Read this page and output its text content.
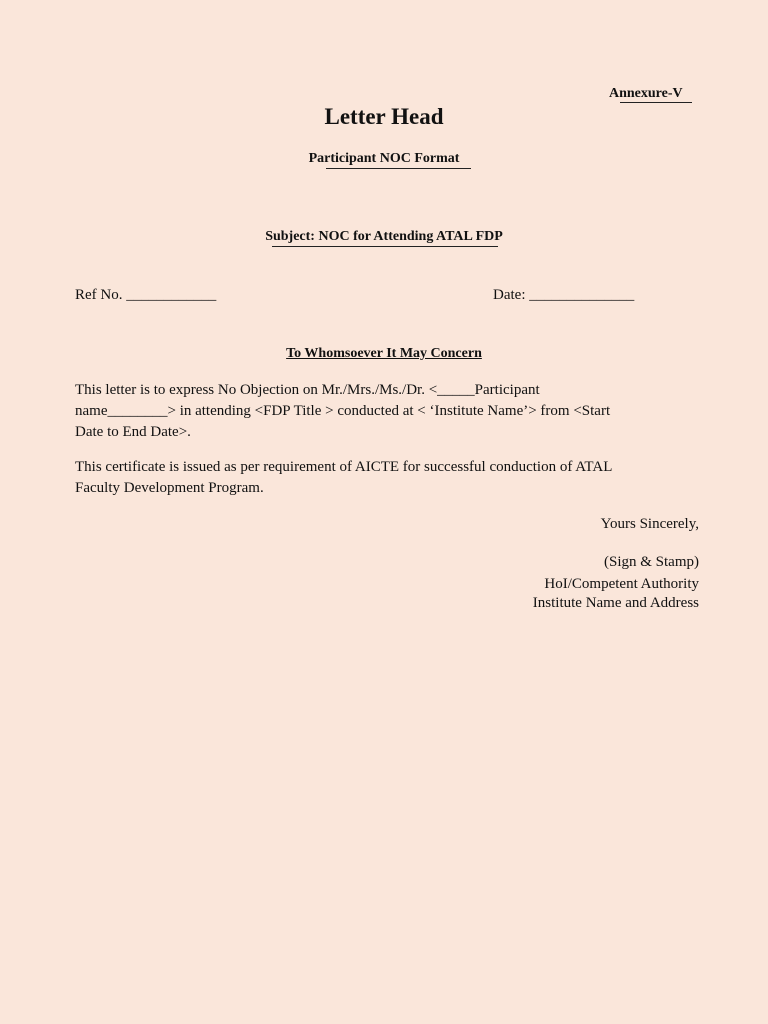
Annexure-V
Letter Head
Participant NOC Format
Subject: NOC for Attending ATAL FDP
Ref No. ____________	Date: ______________
To Whomsoever It May Concern

This letter is to express No Objection on Mr./Mrs./Ms./Dr. <_____Participant

name________> in attending <FDP Title > conducted at < ‘Institute Name’> from <Start

Date to End Date>.

This certificate is issued as per requirement of AICTE for successful conduction of ATAL

Faculty Development Program.

Yours Sincerely,
(Sign & Stamp)
HoI/Competent Authority
Institute Name and Address
